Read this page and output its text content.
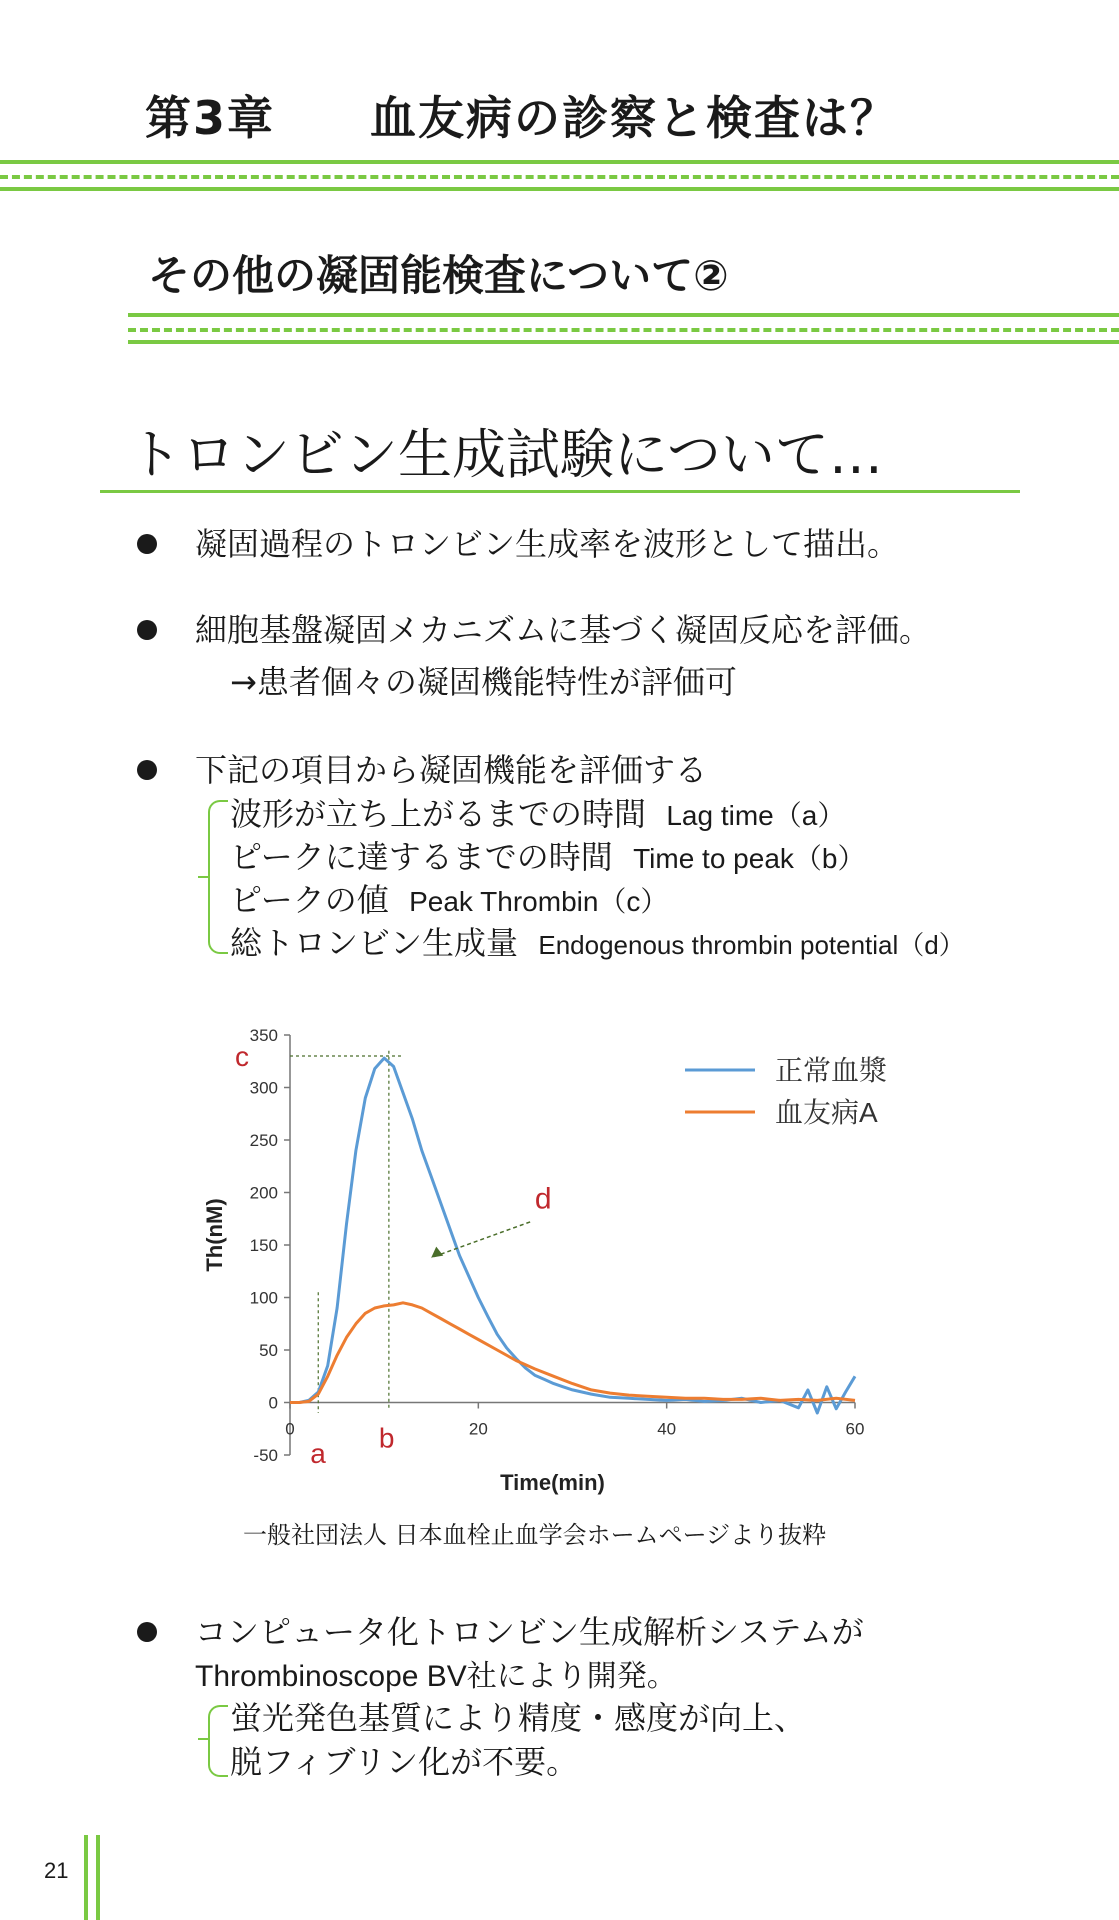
第3章 血友病の診察と検査は？
その他の凝固能検査について②
トロンビン生成試験について…
凝固過程のトロンビン生成率を波形として描出。
細胞基盤凝固メカニズムに基づく凝固反応を評価。
→患者個々の凝固機能特性が評価可
下記の項目から凝固機能を評価する
波形が立ち上がるまでの時間 Lag time（a）
ピークに達するまでの時間 Time to peak（b）
ピークの値 Peak Thrombin（c）
総トロンビン生成量 Endogenous thrombin potential（d）
-50
0
50
100
150
200
250
300
350
0	20	40	60
Time(min)
Th(nM)
a
b
c
d
正常血漿
血友病A
一般社団法人 日本血栓止血学会ホームページより抜粋
コンピュータ化トロンビン生成解析システムが
Thrombinoscope BV社により開発。
蛍光発色基質により精度・感度が向上、
脱フィブリン化が不要。
21
